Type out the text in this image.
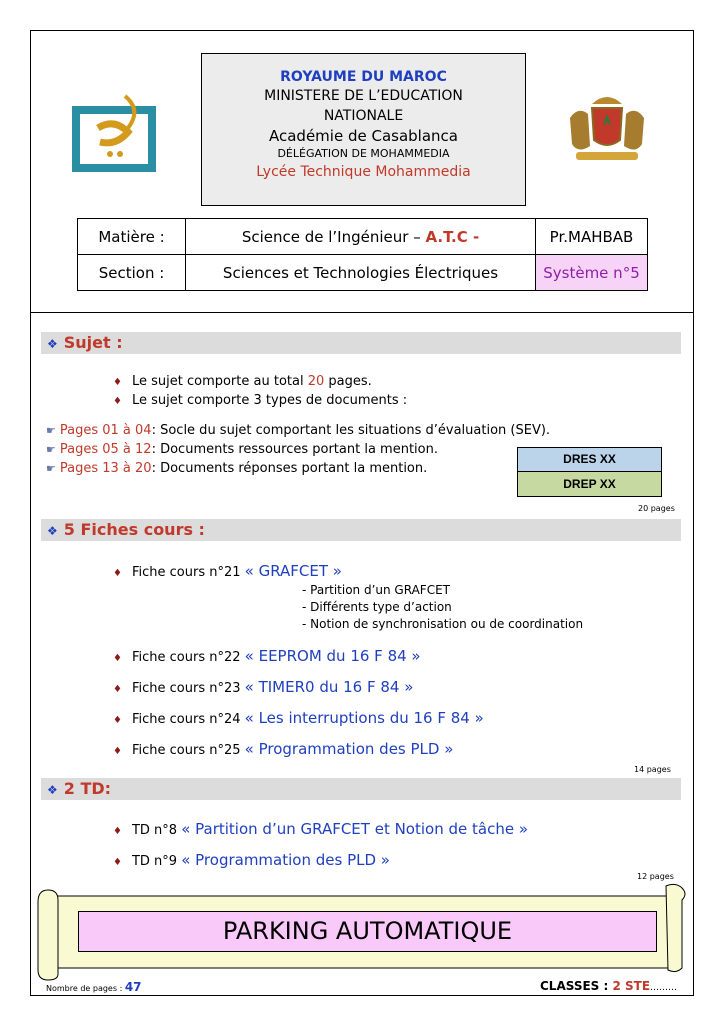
ROYAUME DU MAROC
MINISTERE DE L’EDUCATION
NATIONALE
Académie de Casablanca
DÉLÉGATION DE MOHAMMEDIA
Lycée Technique Mohammedia
Matière :	Science de l’Ingénieur – A.T.C -	Pr.MAHBAB
Section :	Sciences et Technologies Électriques	Système n°5
❖ Sujet :
♦ Le sujet comporte au total 20 pages.
♦ Le sujet comporte 3 types de documents :
☛ Pages 01 à 04: Socle du sujet comportant les situations d’évaluation (SEV).
☛ Pages 05 à 12: Documents ressources portant la mention.
☛ Pages 13 à 20: Documents réponses portant la mention.
DRES XX
DREP XX
20 pages
❖ 5 Fiches cours :
♦ Fiche cours n°21 « GRAFCET »
- Partition d’un GRAFCET
- Différents type d’action
- Notion de synchronisation ou de coordination
♦ Fiche cours n°22 « EEPROM du 16 F 84 »
♦ Fiche cours n°23 « TIMER0 du 16 F 84 »
♦ Fiche cours n°24 « Les interruptions du 16 F 84 »
♦ Fiche cours n°25 « Programmation des PLD »
14 pages
❖ 2 TD:
♦ TD n°8 « Partition d’un GRAFCET et Notion de tâche »
♦ TD n°9 « Programmation des PLD »
12 pages
PARKING AUTOMATIQUE
Nombre de pages : 47	CLASSES : 2 STE………
